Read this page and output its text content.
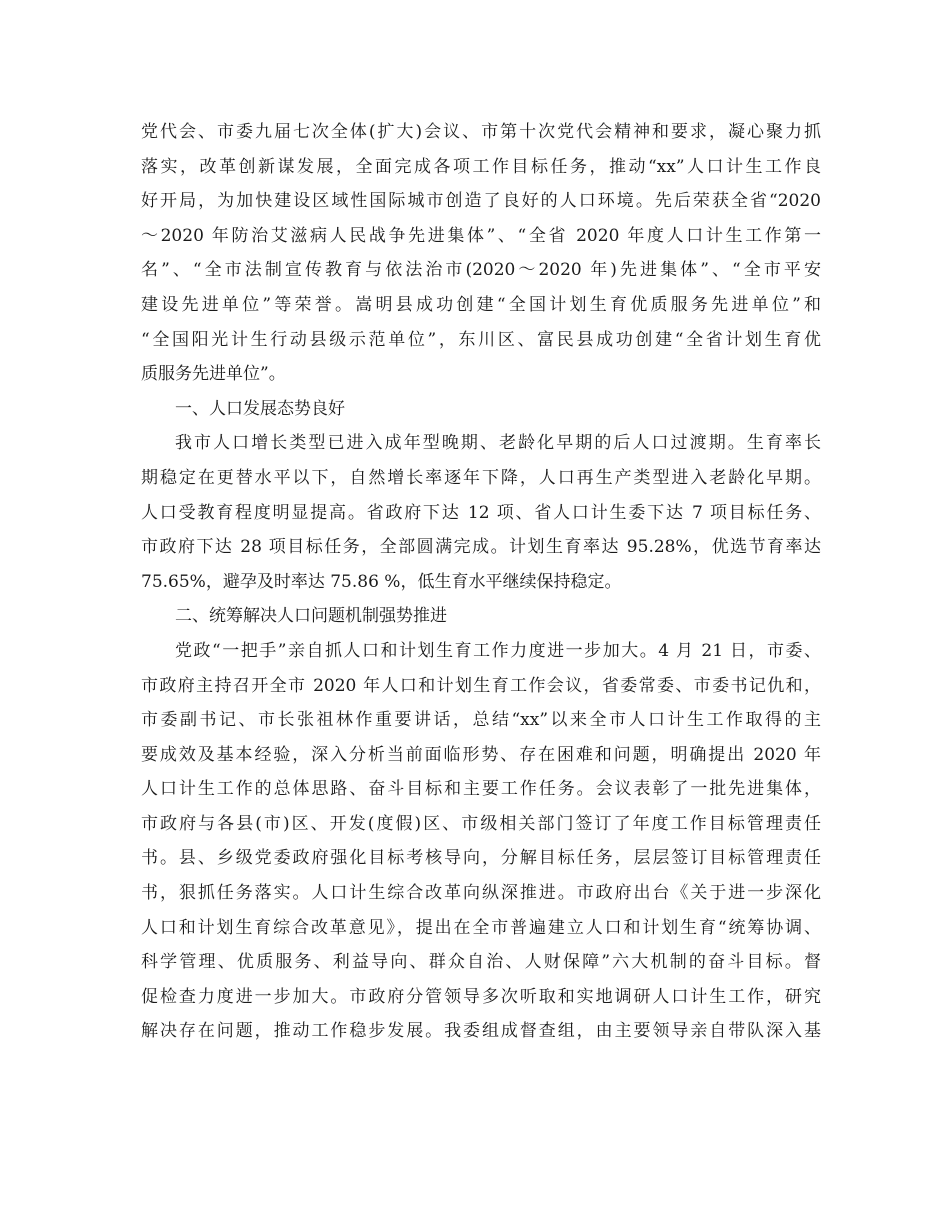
党代会、市委九届七次全体(扩大)会议、市第十次党代会精神和要求，凝心聚力抓
落实，改革创新谋发展，全面完成各项工作目标任务，推动“xx”人口计生工作良
好开局，为加快建设区域性国际城市创造了良好的人口环境。先后荣获全省“2020
～2020 年防治艾滋病人民战争先进集体”、“全省 2020 年度人口计生工作第一
名”、“全市法制宣传教育与依法治市(2020～2020 年)先进集体”、“全市平安
建设先进单位”等荣誉。嵩明县成功创建“全国计划生育优质服务先进单位”和
“全国阳光计生行动县级示范单位”，东川区、富民县成功创建“全省计划生育优
质服务先进单位”。
一、人口发展态势良好
我市人口增长类型已进入成年型晚期、老龄化早期的后人口过渡期。生育率长
期稳定在更替水平以下，自然增长率逐年下降，人口再生产类型进入老龄化早期。
人口受教育程度明显提高。省政府下达 12 项、省人口计生委下达 7 项目标任务、
市政府下达 28 项目标任务，全部圆满完成。计划生育率达 95.28%，优选节育率达
75.65%，避孕及时率达 75.86 %，低生育水平继续保持稳定。
二、统筹解决人口问题机制强势推进
党政“一把手”亲自抓人口和计划生育工作力度进一步加大。4 月 21 日，市委、
市政府主持召开全市 2020 年人口和计划生育工作会议，省委常委、市委书记仇和，
市委副书记、市长张祖林作重要讲话，总结“xx”以来全市人口计生工作取得的主
要成效及基本经验，深入分析当前面临形势、存在困难和问题，明确提出 2020 年
人口计生工作的总体思路、奋斗目标和主要工作任务。会议表彰了一批先进集体，
市政府与各县(市)区、开发(度假)区、市级相关部门签订了年度工作目标管理责任
书。县、乡级党委政府强化目标考核导向，分解目标任务，层层签订目标管理责任
书，狠抓任务落实。人口计生综合改革向纵深推进。市政府出台《关于进一步深化
人口和计划生育综合改革意见》，提出在全市普遍建立人口和计划生育“统筹协调、
科学管理、优质服务、利益导向、群众自治、人财保障”六大机制的奋斗目标。督
促检查力度进一步加大。市政府分管领导多次听取和实地调研人口计生工作，研究
解决存在问题，推动工作稳步发展。我委组成督查组，由主要领导亲自带队深入基
